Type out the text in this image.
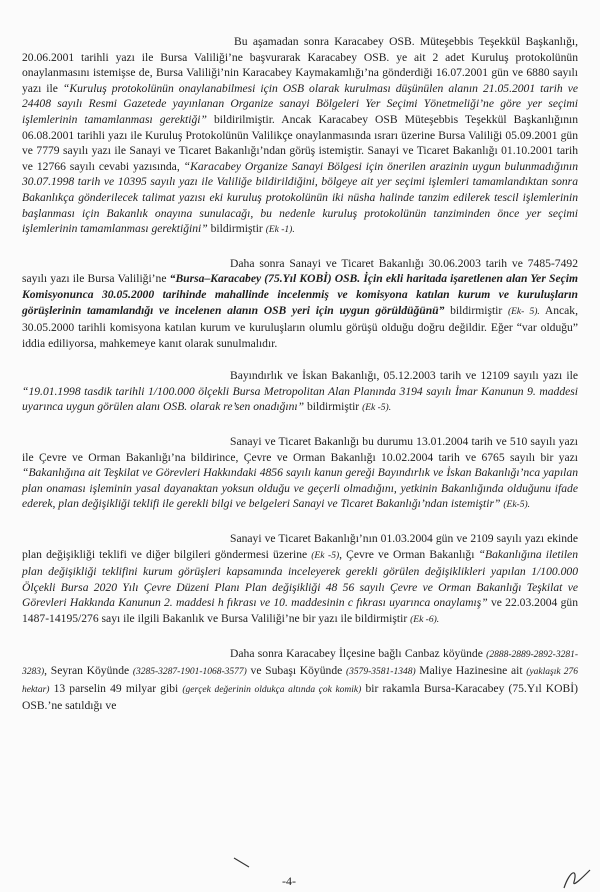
Bu aşamadan sonra Karacabey OSB. Müteşebbis Teşekkül Başkanlığı, 20.06.2001 tarihli yazı ile Bursa Valiliği’ne başvurarak Karacabey OSB. ye ait 2 adet Kuruluş protokolünün onaylanmasını istemişse de, Bursa Valiliği’nin Karacabey Kaymakamlığı’na gönderdiği 16.07.2001 gün ve 6880 sayılı yazı ile “Kuruluş protokolünün onaylanabilmesi için OSB olarak kurulması düşünülen alanın 21.05.2001 tarih ve 24408 sayılı Resmi Gazetede yayınlanan Organize sanayi Bölgeleri Yer Seçimi Yönetmeliği’ne göre yer seçimi işlemlerinin tamamlanması gerektiği” bildirilmiştir. Ancak Karacabey OSB Müteşebbis Teşekkül Başkanlığının 06.08.2001 tarihli yazı ile Kuruluş Protokolünün Valilikçe onaylanmasında ısrarı üzerine Bursa Valiliği 05.09.2001 gün ve 7779 sayılı yazı ile Sanayi ve Ticaret Bakanlığı’ndan görüş istemiştir. Sanayi ve Ticaret Bakanlığı 01.10.2001 tarih ve 12766 sayılı cevabi yazısında, “Karacabey Organize Sanayi Bölgesi için önerilen arazinin uygun bulunmadığının 30.07.1998 tarih ve 10395 sayılı yazı ile Valiliğe bildirildiğini, bölgeye ait yer seçimi işlemleri tamamlandıktan sonra Bakanlıkça gönderilecek talimat yazısı eki kuruluş protokolünün iki nüsha halinde tanzim edilerek tescil işlemlerinin başlanması için Bakanlık onayına sunulacağı, bu nedenle kuruluş protokolünün tanziminden önce yer seçimi işlemlerinin tamamlanması gerektiğini” bildirmiştir (Ek -1).

Daha sonra Sanayi ve Ticaret Bakanlığı 30.06.2003 tarih ve 7485-7492 sayılı yazı ile Bursa Valiliği’ne “Bursa–Karacabey (75.Yıl KOBİ) OSB. İçin ekli haritada işaretlenen alan Yer Seçim Komisyonunca 30.05.2000 tarihinde mahallinde incelenmiş ve komisyona katılan kurum ve kuruluşların görüşlerinin tamamlandığı ve incelenen alanın OSB yeri için uygun görüldüğünü” bildirmiştir (Ek- 5). Ancak, 30.05.2000 tarihli komisyona katılan kurum ve kuruluşların olumlu görüşü olduğu doğru değildir. Eğer “var olduğu” iddia ediliyorsa, mahkemeye kanıt olarak sunulmalıdır.

Bayındırlık ve İskan Bakanlığı, 05.12.2003 tarih ve 12109 sayılı yazı ile “19.01.1998 tasdik tarihli 1/100.000 ölçekli Bursa Metropolitan Alan Planında 3194 sayılı İmar Kanunun 9. maddesi uyarınca uygun görülen alanı OSB. olarak re’sen onadığını” bildirmiştir (Ek -5).

Sanayi ve Ticaret Bakanlığı bu durumu 13.01.2004 tarih ve 510 sayılı yazı ile Çevre ve Orman Bakanlığı’na bildirince, Çevre ve Orman Bakanlığı 10.02.2004 tarih ve 6765 sayılı bir yazı “Bakanlığına ait Teşkilat ve Görevleri Hakkındaki 4856 sayılı kanun gereği Bayındırlık ve İskan Bakanlığı’nca yapılan plan onaması işleminin yasal dayanaktan yoksun olduğu ve geçerli olmadığını, yetkinin Bakanlığında olduğunu ifade ederek, plan değişikliği teklifi ile gerekli bilgi ve belgeleri Sanayi ve Ticaret Bakanlığı’ndan istemiştir” (Ek-5).

Sanayi ve Ticaret Bakanlığı’nın 01.03.2004 gün ve 2109 sayılı yazı ekinde plan değişikliği teklifi ve diğer bilgileri göndermesi üzerine (Ek -5), Çevre ve Orman Bakanlığı “Bakanlığına iletilen plan değişikliği teklifini kurum görüşleri kapsamında inceleyerek gerekli görülen değişiklikleri yapılan 1/100.000 Ölçekli Bursa 2020 Yılı Çevre Düzeni Planı Plan değişikliği 48 56 sayılı Çevre ve Orman Bakanlığı Teşkilat ve Görevleri Hakkında Kanunun 2. maddesi h fıkrası ve 10. maddesinin c fıkrası uyarınca onaylamış” ve 22.03.2004 gün 1487-14195/276 sayı ile ilgili Bakanlık ve Bursa Valiliği’ne bir yazı ile bildirmiştir (Ek -6).

Daha sonra Karacabey İlçesine bağlı Canbaz köyünde (2888-2889-2892-3281-3283), Seyran Köyünde (3285-3287-1901-1068-3577) ve Subaşı Köyünde (3579-3581-1348) Maliye Hazinesine ait (yaklaşık 276 hektar) 13 parselin 49 milyar gibi (gerçek değerinin oldukça altında çok komik) bir rakamla Bursa-Karacabey (75.Yıl KOBİ) OSB.’ne satıldığı ve

-4-
